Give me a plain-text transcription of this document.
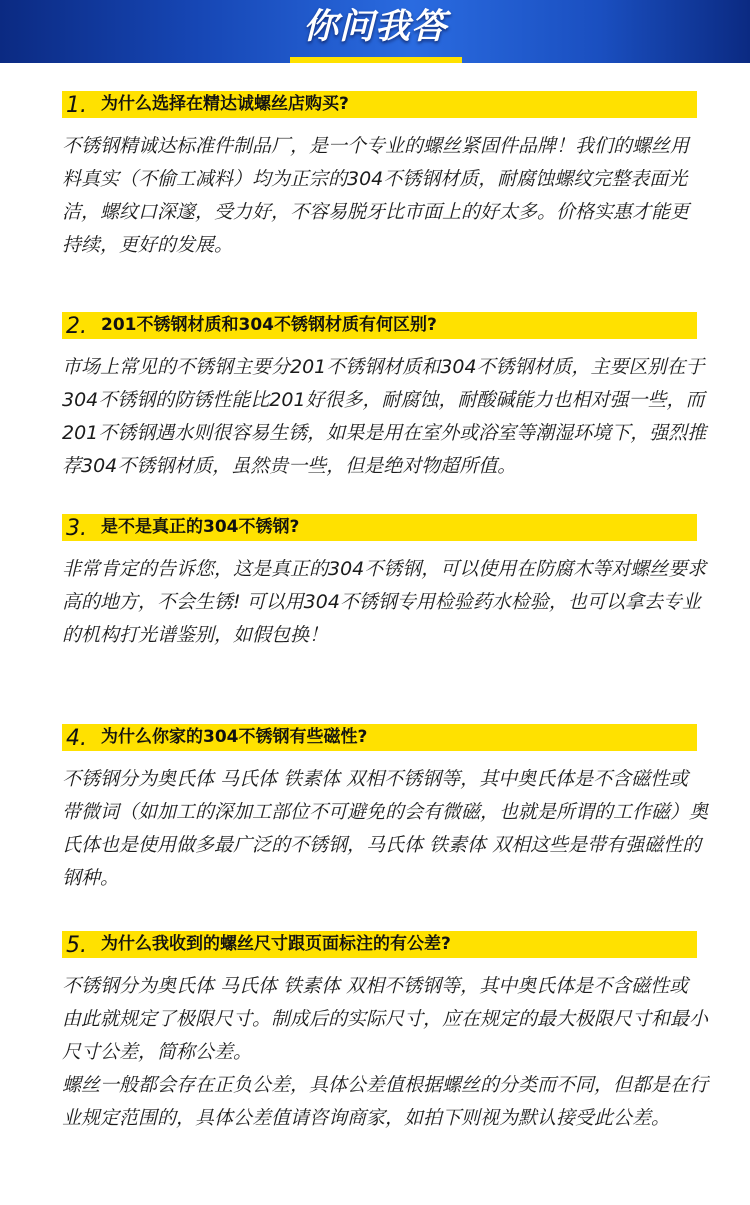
你问我答
1. 为什么选择在精达诚螺丝店购买?
不锈钢精诚达标准件制品厂，是一个专业的螺丝紧固件品牌！我们的螺丝用
料真实（不偷工减料）均为正宗的304不锈钢材质，耐腐蚀螺纹完整表面光
洁，螺纹口深邃，受力好，不容易脱牙比市面上的好太多。价格实惠才能更
持续，更好的发展。
2. 201不锈钢材质和304不锈钢材质有何区别?
市场上常见的不锈钢主要分201不锈钢材质和304不锈钢材质，主要区别在于
304不锈钢的防锈性能比201好很多，耐腐蚀，耐酸碱能力也相对强一些，而
201不锈钢遇水则很容易生锈，如果是用在室外或浴室等潮湿环境下，强烈推
荐304不锈钢材质，虽然贵一些，但是绝对物超所值。
3. 是不是真正的304不锈钢?
非常肯定的告诉您，这是真正的304不锈钢，可以使用在防腐木等对螺丝要求
高的地方，不会生锈! 可以用304不锈钢专用检验药水检验，也可以拿去专业
的机构打光谱鉴别，如假包换！
4. 为什么你家的304不锈钢有些磁性?
不锈钢分为奥氏体 马氏体 铁素体 双相不锈钢等，其中奥氏体是不含磁性或
带微词（如加工的深加工部位不可避免的会有微磁，也就是所谓的工作磁）奥
氏体也是使用做多最广泛的不锈钢，马氏体 铁素体 双相这些是带有强磁性的
钢种。
5. 为什么我收到的螺丝尺寸跟页面标注的有公差?
不锈钢分为奥氏体 马氏体 铁素体 双相不锈钢等，其中奥氏体是不含磁性或
由此就规定了极限尺寸。制成后的实际尺寸，应在规定的最大极限尺寸和最小
尺寸公差，简称公差。
螺丝一般都会存在正负公差，具体公差值根据螺丝的分类而不同，但都是在行
业规定范围的，具体公差值请咨询商家，如拍下则视为默认接受此公差。
